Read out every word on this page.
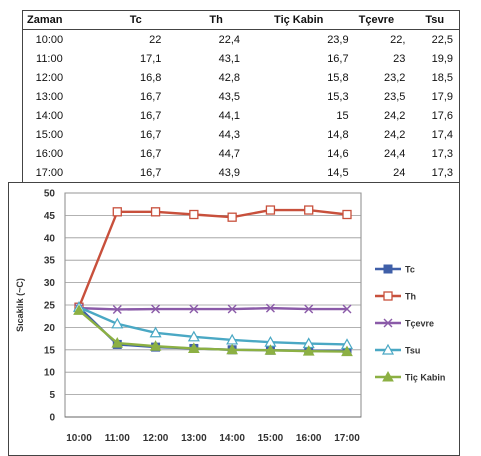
Zaman	Tc	Th	Tiç Kabin	Tçevre	Tsu
10:00	22	22,4	23,9	22,	22,5
11:00	17,1	43,1	16,7	23	19,9
12:00	16,8	42,8	15,8	23,2	18,5
13:00	16,7	43,5	15,3	23,5	17,9
14:00	16,7	44,1	15	24,2	17,6
15:00	16,7	44,3	14,8	24,2	17,4
16:00	16,7	44,7	14,6	24,4	17,3
17:00	16,7	43,9	14,5	24	17,3
0
5
10
15
20
25
30
35
40
45
50
10:00 11:00 12:00 13:00 14:00 15:00 16:00 17:00
Sıcaklık (~C)
Tc
Th
Tçevre
Tsu
Tiç Kabin
